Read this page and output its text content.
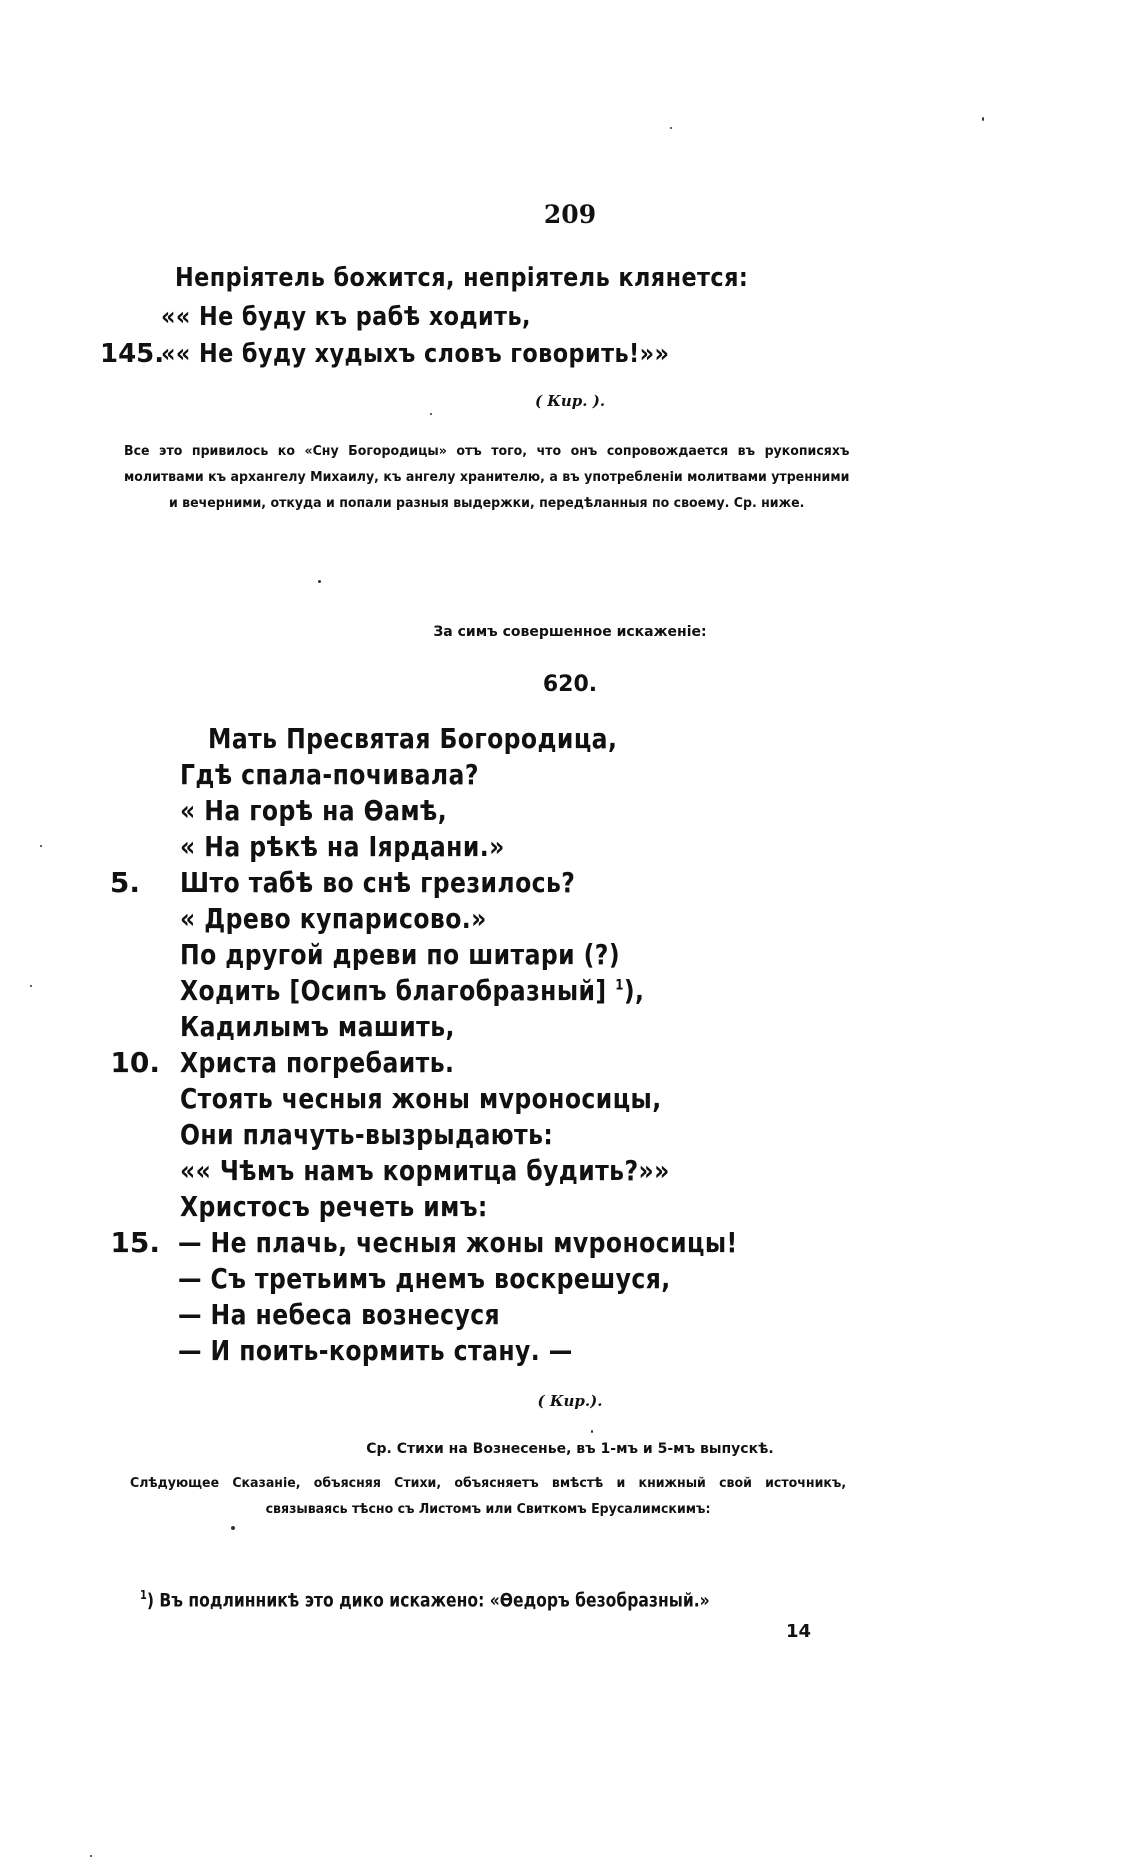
209
Непріятель божится, непріятель клянется:
«« Не буду къ рабѣ ходить,
145.
«« Не буду худыхъ словъ говорить!»»
( Кир. ).
Все это привилось ко «Сну Богородицы» отъ того, что онъ сопровождается въ рукописяхъ молитвами къ архангелу Михаилу, къ ангелу хранителю, а въ употребленіи молитвами утренними и вечерними, откуда и попали разныя выдержки, передѣланныя по своему. Ср. ниже.
За симъ совершенное искаженіе:
620.
Мать Пресвятая Богородица,
Гдѣ спала-почивала?
« На горѣ на Ѳамѣ,
« На рѣкѣ на Іярдани.»
5. Што табѣ во снѣ грезилось?
« Древо купарисово.»
По другой древи по шитари (?)
Ходить [Осипъ благобразный] $^1$),
Кадилымъ машить,
10. Христа погребаить.
Стоять чесныя жоны мvроносицы,
Они плачуть-вызрыдають:
«« Чѣмъ намъ кормитца будить?»»
Христосъ речеть имъ:
15. — Не плачь, чесныя жоны мvроносицы!
— Съ третьимъ днемъ воскрешуся,
— На небеса вознесуся
— И поить-кормить стану. —
( Кир.).
Ср. Стихи на Вознесенье, въ 1-мъ и 5-мъ выпускѣ.
Слѣдующее Сказаніе, объясняя Стихи, объясняетъ вмѣстѣ и книжный свой источникъ, связываясь тѣсно съ Листомъ или Свиткомъ Ерусалимскимъ:
$^1$) Въ подлинникѣ это дико искажено: «Ѳедоръ безобразный.»
14
